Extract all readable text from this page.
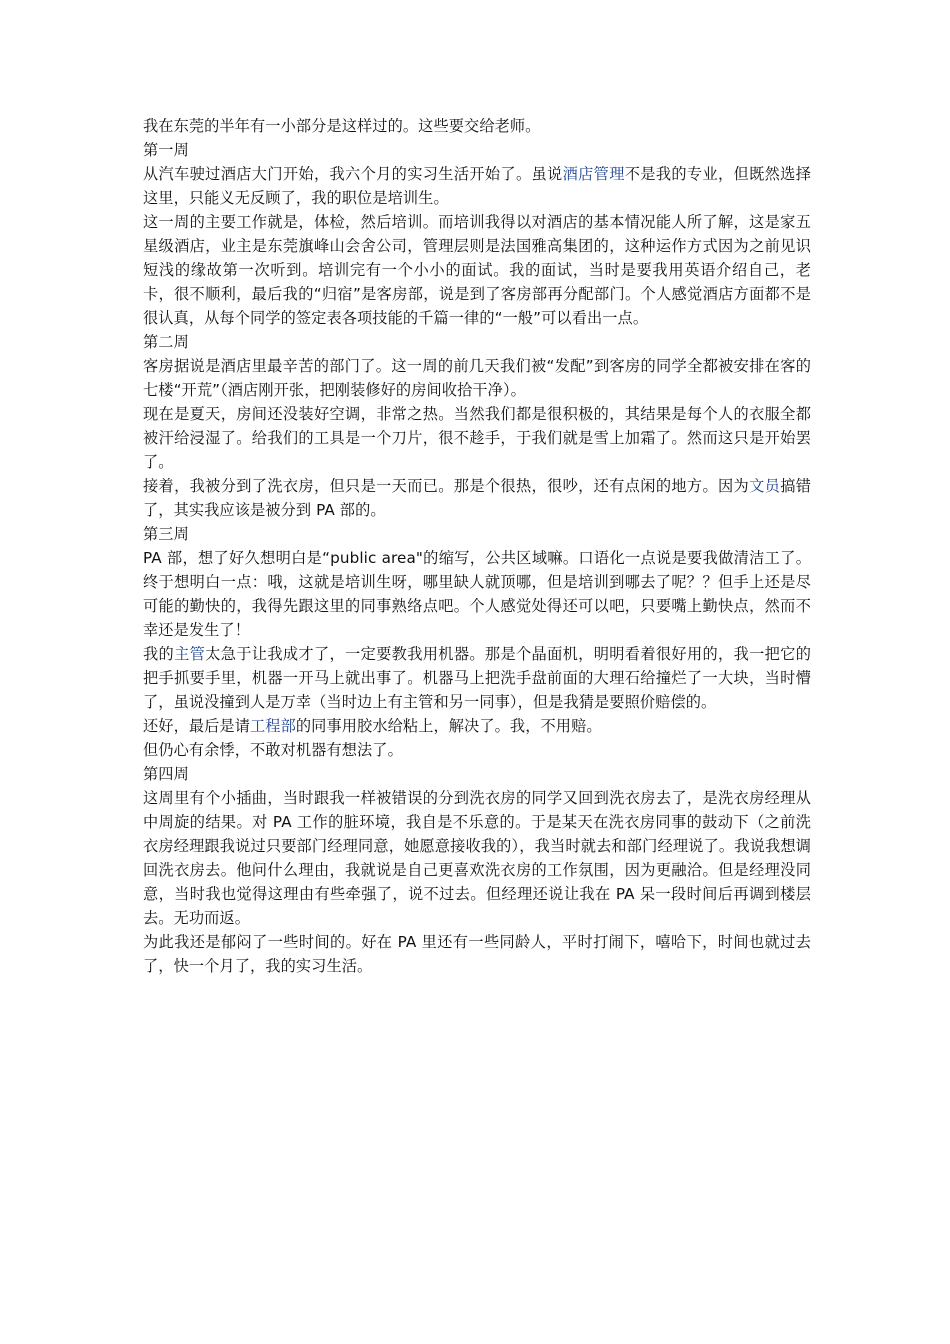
我在东莞的半年有一小部分是这样过的。这些要交给老师。

第一周

从汽车驶过酒店大门开始，我六个月的实习生活开始了。虽说酒店管理不是我的专业，但既然选择这里，只能义无反顾了，我的职位是培训生。

这一周的主要工作就是，体检，然后培训。而培训我得以对酒店的基本情况能人所了解，这是家五星级酒店，业主是东莞旗峰山会舍公司，管理层则是法国雅高集团的，这种运作方式因为之前见识短浅的缘故第一次听到。培训完有一个小小的面试。我的面试，当时是要我用英语介绍自己，老卡，很不顺利，最后我的“归宿”是客房部，说是到了客房部再分配部门。个人感觉酒店方面都不是很认真，从每个同学的签定表各项技能的千篇一律的“一般”可以看出一点。

第二周

客房据说是酒店里最辛苦的部门了。这一周的前几天我们被“发配”到客房的同学全都被安排在客的七楼“开荒”（酒店刚开张，把刚装修好的房间收拾干净）。

现在是夏天，房间还没装好空调，非常之热。当然我们都是很积极的，其结果是每个人的衣服全都被汗给浸湿了。给我们的工具是一个刀片，很不趁手，于我们就是雪上加霜了。然而这只是开始罢了。

接着，我被分到了洗衣房，但只是一天而已。那是个很热，很吵，还有点闲的地方。因为文员搞错了，其实我应该是被分到 PA 部的。

第三周

PA 部，想了好久想明白是“public area"的缩写，公共区域嘛。口语化一点说是要我做清洁工了。终于想明白一点：哦，这就是培训生呀，哪里缺人就顶哪，但是培训到哪去了呢？？但手上还是尽可能的勤快的，我得先跟这里的同事熟络点吧。个人感觉处得还可以吧，只要嘴上勤快点，然而不幸还是发生了！

我的主管太急于让我成才了，一定要教我用机器。那是个晶面机，明明看着很好用的，我一把它的把手抓要手里，机器一开马上就出事了。机器马上把洗手盘前面的大理石给撞烂了一大块，当时懵了，虽说没撞到人是万幸（当时边上有主管和另一同事），但是我猜是要照价赔偿的。

还好，最后是请工程部的同事用胶水给粘上，解决了。我，不用赔。

但仍心有余悸，不敢对机器有想法了。

第四周

这周里有个小插曲，当时跟我一样被错误的分到洗衣房的同学又回到洗衣房去了，是洗衣房经理从中周旋的结果。对 PA 工作的脏环境，我自是不乐意的。于是某天在洗衣房同事的鼓动下（之前洗衣房经理跟我说过只要部门经理同意，她愿意接收我的），我当时就去和部门经理说了。我说我想调回洗衣房去。他问什么理由，我就说是自己更喜欢洗衣房的工作氛围，因为更融洽。但是经理没同意，当时我也觉得这理由有些牵强了，说不过去。但经理还说让我在 PA 呆一段时间后再调到楼层去。无功而返。

为此我还是郁闷了一些时间的。好在 PA 里还有一些同龄人，平时打闹下，嘻哈下，时间也就过去了，快一个月了，我的实习生活。
